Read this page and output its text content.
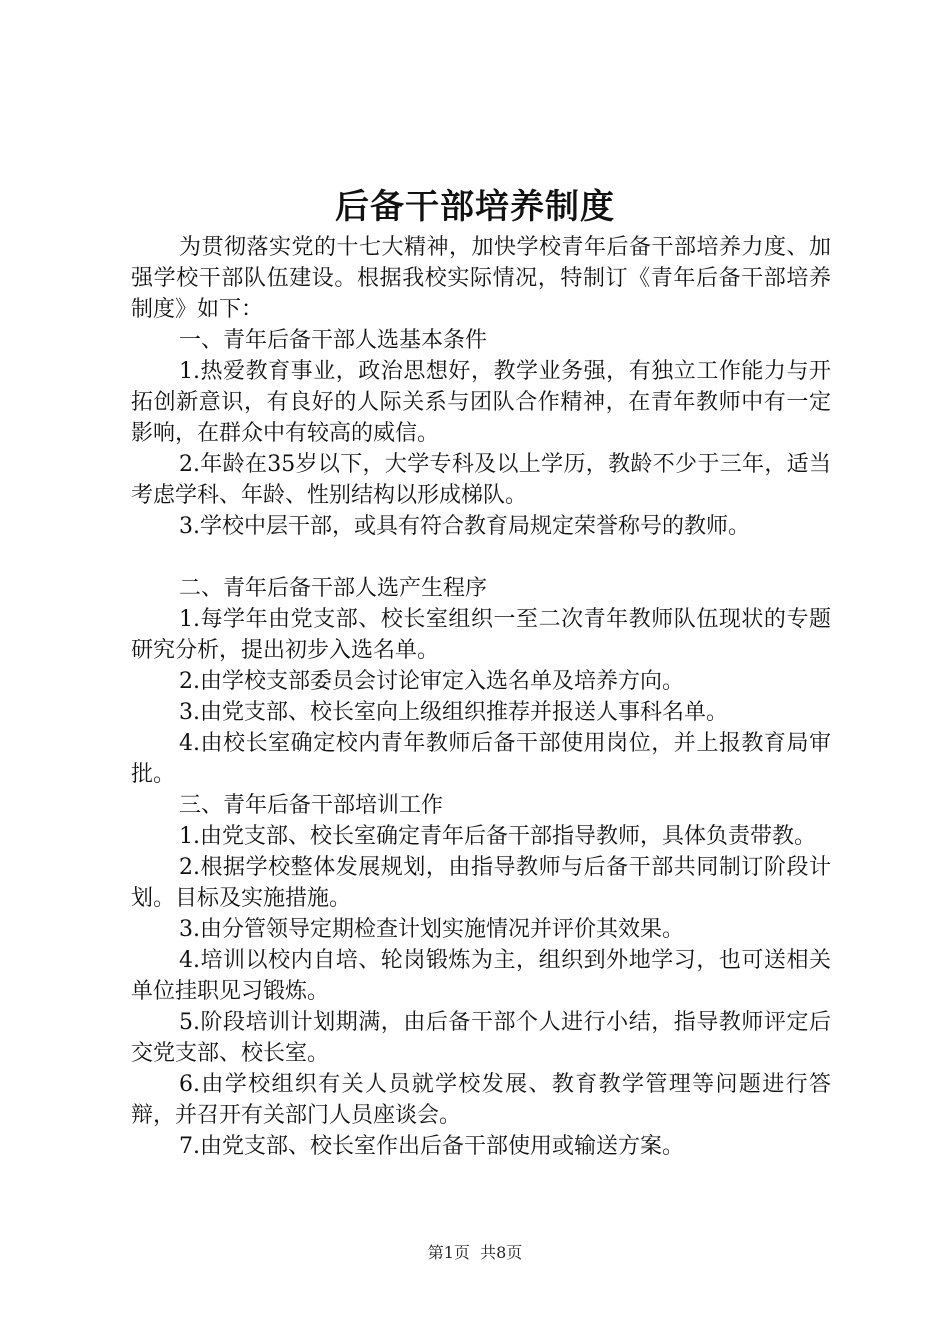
后备干部培养制度

为贯彻落实党的十七大精神，加快学校青年后备干部培养力度、加强学校干部队伍建设。根据我校实际情况，特制订《青年后备干部培养制度》如下：

一、青年后备干部人选基本条件

1.热爱教育事业，政治思想好，教学业务强，有独立工作能力与开拓创新意识，有良好的人际关系与团队合作精神，在青年教师中有一定影响，在群众中有较高的威信。

2.年龄在35岁以下，大学专科及以上学历，教龄不少于三年，适当考虑学科、年龄、性别结构以形成梯队。

3.学校中层干部，或具有符合教育局规定荣誉称号的教师。

二、青年后备干部人选产生程序

1.每学年由党支部、校长室组织一至二次青年教师队伍现状的专题研究分析，提出初步入选名单。

2.由学校支部委员会讨论审定入选名单及培养方向。

3.由党支部、校长室向上级组织推荐并报送人事科名单。

4.由校长室确定校内青年教师后备干部使用岗位，并上报教育局审批。

三、青年后备干部培训工作

1.由党支部、校长室确定青年后备干部指导教师，具体负责带教。

2.根据学校整体发展规划，由指导教师与后备干部共同制订阶段计划。目标及实施措施。

3.由分管领导定期检查计划实施情况并评价其效果。

4.培训以校内自培、轮岗锻炼为主，组织到外地学习，也可送相关单位挂职见习锻炼。

5.阶段培训计划期满，由后备干部个人进行小结，指导教师评定后交党支部、校长室。

6.由学校组织有关人员就学校发展、教育教学管理等问题进行答辩，并召开有关部门人员座谈会。

7.由党支部、校长室作出后备干部使用或输送方案。

第1页  共8页
